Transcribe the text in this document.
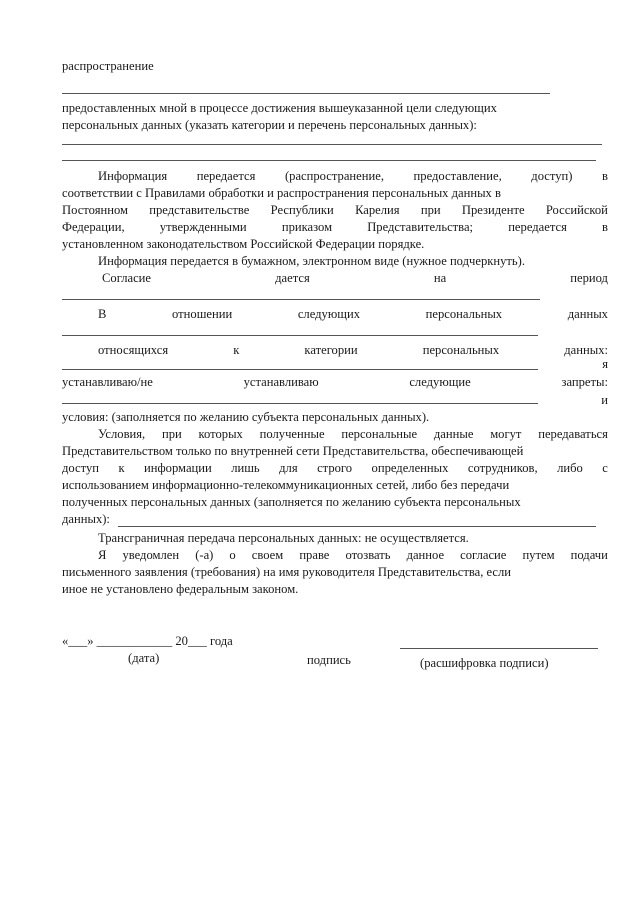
распространение
предоставленных мной в процессе достижения вышеуказанной цели следующих
персональных данных (указать категории и перечень персональных данных):
Информация передается (распространение, предоставление, доступ) в
соответствии с Правилами обработки и распространения персональных данных в
Постоянном представительстве Республики Карелия при Президенте Российской
Федерации,	утвержденными	приказом	Представительства;	передается	в
установленном законодательством Российской Федерации порядке.
Информация передается в бумажном, электронном виде (нужное подчеркнуть).
Согласие	дается	на	период
В	отношении	следующих	персональных	данных
относящихся	к	категории	персональных	данных:
я
устанавливаю/не	устанавливаю	следующие	запреты:
и
условия: (заполняется по желанию субъекта персональных данных).
Условия, при которых полученные персональные данные могут передаваться
Представительством только по внутренней сети Представительства, обеспечивающей
доступ к информации лишь для строго определенных сотрудников, либо с
использованием информационно-телекоммуникационных сетей, либо без передачи
полученных персональных данных (заполняется по желанию субъекта персональных
данных):
Трансграничная передача персональных данных: не осуществляется.
Я уведомлен (-а) о своем праве отозвать данное согласие путем подачи
письменного заявления (требования) на имя руководителя Представительства, если
иное не установлено федеральным законом.
«___» ____________ 20___ года
(дата)	подпись	(расшифровка подписи)
